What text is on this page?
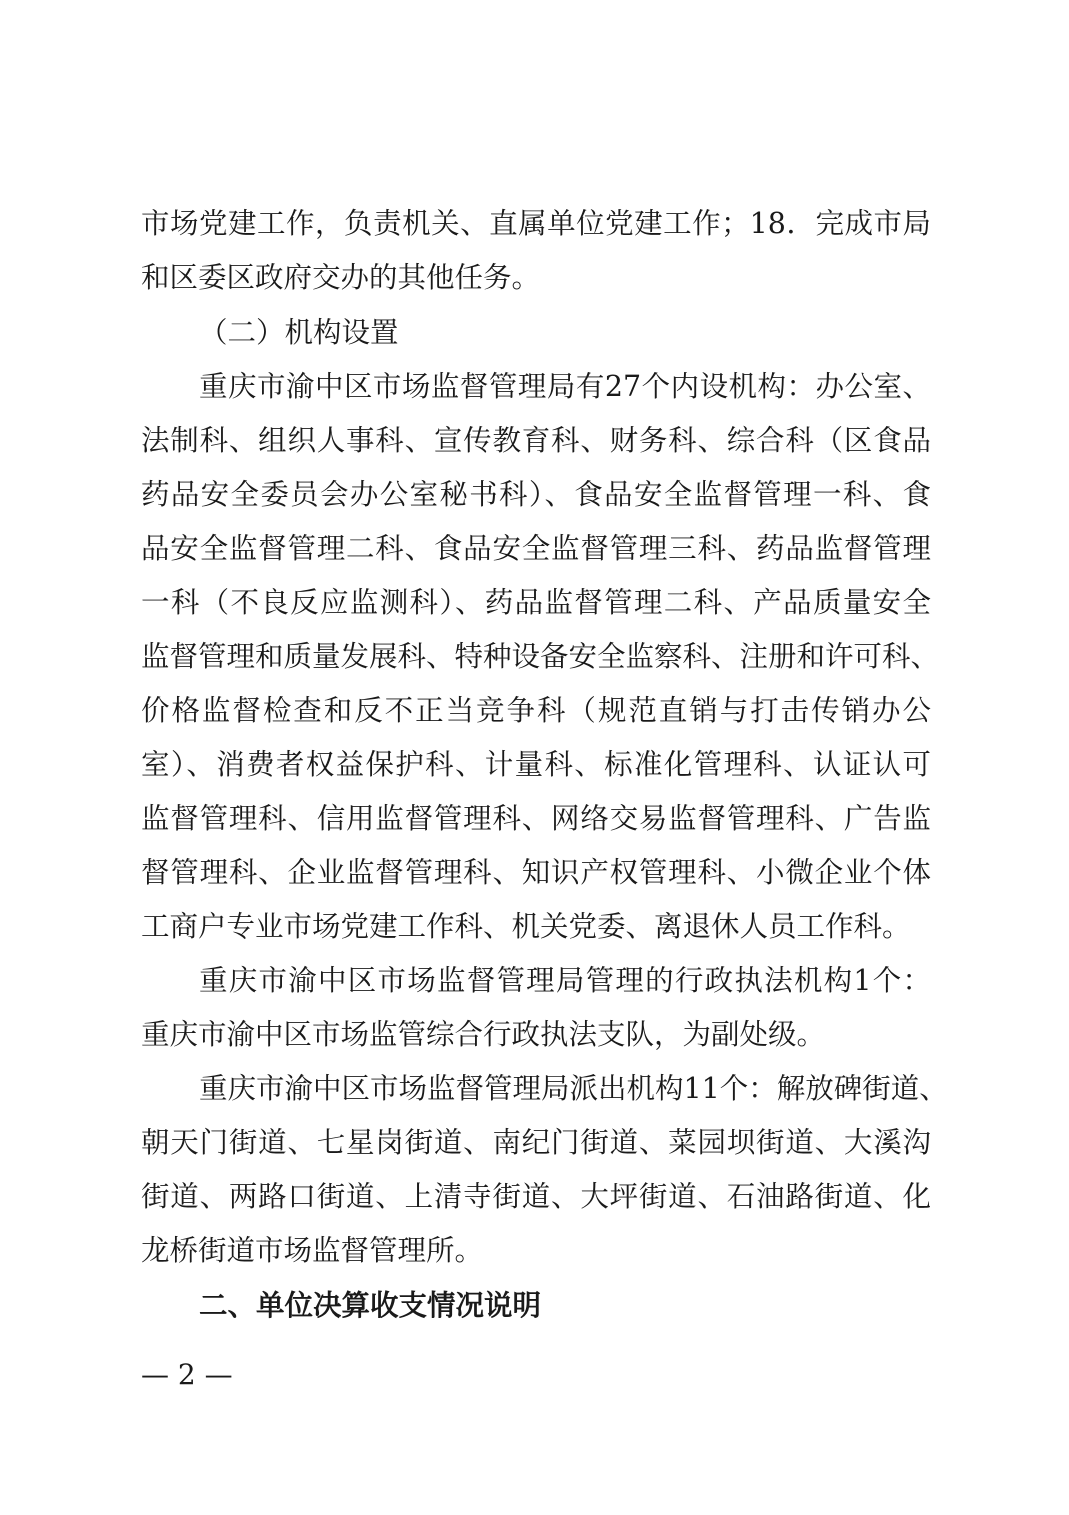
市场党建工作，负责机关、直属单位党建工作；18．完成市局
和区委区政府交办的其他任务。
（二）机构设置
重庆市渝中区市场监督管理局有27个内设机构：办公室、
法制科、组织人事科、宣传教育科、财务科、综合科（区食品
药品安全委员会办公室秘书科）、食品安全监督管理一科、食
品安全监督管理二科、食品安全监督管理三科、药品监督管理
一科（不良反应监测科）、药品监督管理二科、产品质量安全
监督管理和质量发展科、特种设备安全监察科、注册和许可科、
价格监督检查和反不正当竞争科（规范直销与打击传销办公
室）、消费者权益保护科、计量科、标准化管理科、认证认可
监督管理科、信用监督管理科、网络交易监督管理科、广告监
督管理科、企业监督管理科、知识产权管理科、小微企业个体
工商户专业市场党建工作科、机关党委、离退休人员工作科。
重庆市渝中区市场监督管理局管理的行政执法机构1个：
重庆市渝中区市场监管综合行政执法支队，为副处级。
重庆市渝中区市场监督管理局派出机构11个：解放碑街道、
朝天门街道、七星岗街道、南纪门街道、菜园坝街道、大溪沟
街道、两路口街道、上清寺街道、大坪街道、石油路街道、化
龙桥街道市场监督管理所。
二、单位决算收支情况说明
— 2 —
